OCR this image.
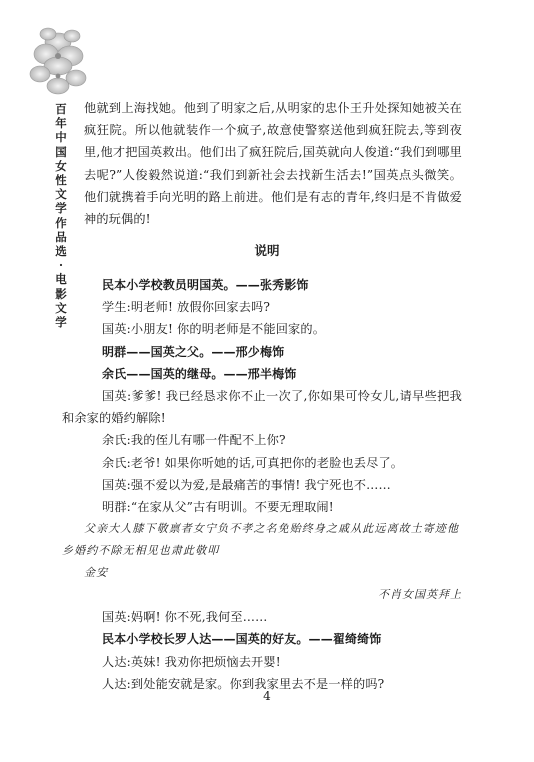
百
年
中
国
女
性
文
学
作
品
选
·
电
影
文
学

他就到上海找她。他到了明家之后,从明家的忠仆王升处探知她被关在疯狂院。所以他就装作一个疯子,故意使警察送他到疯狂院去,等到夜里,他才把国英救出。他们出了疯狂院后,国英就向人俊道:“我们到哪里去呢?”人俊毅然说道:“我们到新社会去找新生活去!”国英点头微笑。他们就携着手向光明的路上前进。他们是有志的青年,终归是不肯做爱神的玩偶的!

说明

民本小学校教员明国英。——张秀影饰

学生:明老师! 放假你回家去吗?

国英:小朋友! 你的明老师是不能回家的。

明群——国英之父。——邢少梅饰

余氏——国英的继母。——邢半梅饰

国英:爹爹! 我已经恳求你不止一次了,你如果可怜女儿,请早些把我和余家的婚约解除!

余氏:我的侄儿有哪一件配不上你?

余氏:老爷! 如果你听她的话,可真把你的老脸也丢尽了。

国英:强不爱以为爱,是最痛苦的事情! 我宁死也不……

明群:“在家从父”古有明训。不要无理取闹!

父亲大人膝下敬禀者女宁负不孝之名免贻终身之戚从此远离故土寄迹他乡婚约不除无相见也肃此敬叩

金安

不肖女国英拜上

国英:妈啊! 你不死,我何至……

民本小学校长罗人达——国英的好友。——翟绮绮饰

人达:英妹! 我劝你把烦恼去开婴!

人达:到处能安就是家。你到我家里去不是一样的吗?

4
